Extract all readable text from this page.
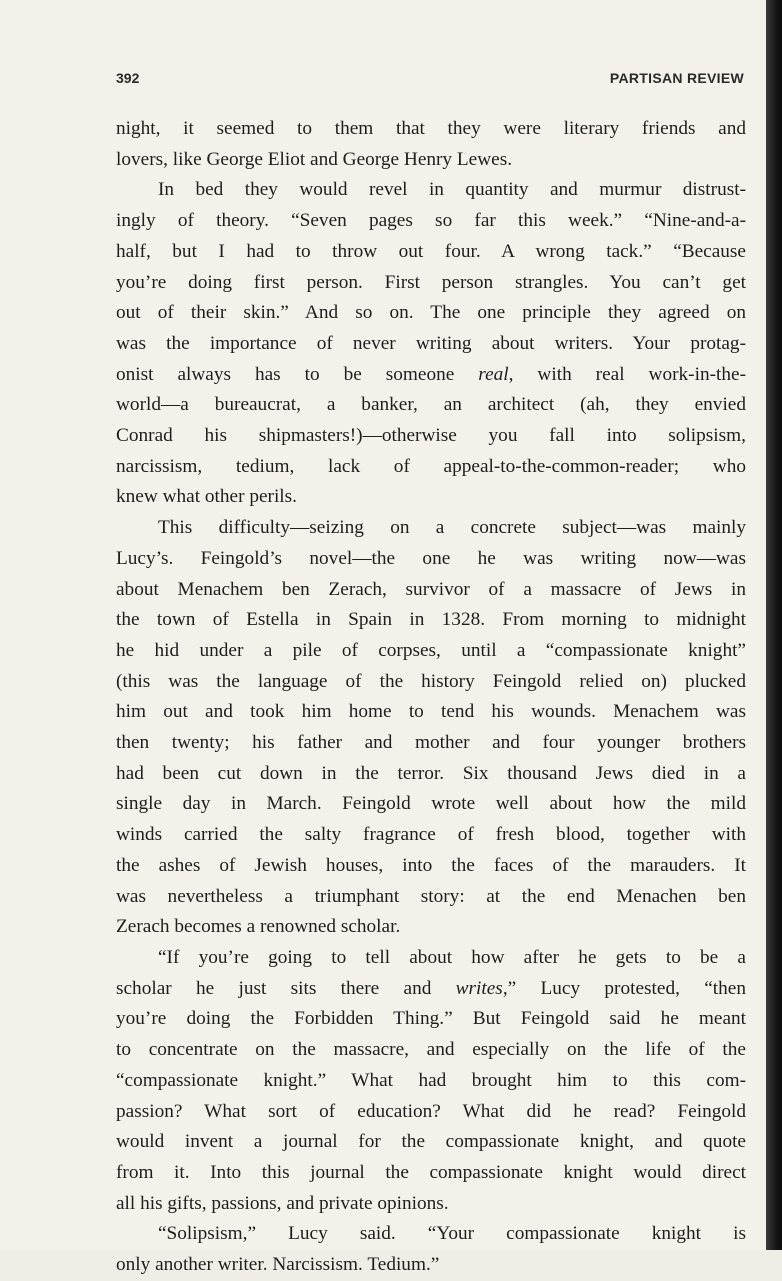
392	PARTISAN REVIEW
night, it seemed to them that they were literary friends and
lovers, like George Eliot and George Henry Lewes.
In bed they would revel in quantity and murmur distrust-
ingly of theory. “Seven pages so far this week.” “Nine-and-a-
half, but I had to throw out four. A wrong tack.” “Because
you’re doing first person. First person strangles. You can’t get
out of their skin.” And so on. The one principle they agreed on
was the importance of never writing about writers. Your protag-
onist always has to be someone real, with real work-in-the-
world—a bureaucrat, a banker, an architect (ah, they envied
Conrad his shipmasters!)—otherwise you fall into solipsism,
narcissism, tedium, lack of appeal-to-the-common-reader; who
knew what other perils.
This difficulty—seizing on a concrete subject—was mainly
Lucy’s. Feingold’s novel—the one he was writing now—was
about Menachem ben Zerach, survivor of a massacre of Jews in
the town of Estella in Spain in 1328. From morning to midnight
he hid under a pile of corpses, until a “compassionate knight”
(this was the language of the history Feingold relied on) plucked
him out and took him home to tend his wounds. Menachem was
then twenty; his father and mother and four younger brothers
had been cut down in the terror. Six thousand Jews died in a
single day in March. Feingold wrote well about how the mild
winds carried the salty fragrance of fresh blood, together with
the ashes of Jewish houses, into the faces of the marauders. It
was nevertheless a triumphant story: at the end Menachen ben
Zerach becomes a renowned scholar.
“If you’re going to tell about how after he gets to be a
scholar he just sits there and writes,” Lucy protested, “then
you’re doing the Forbidden Thing.” But Feingold said he meant
to concentrate on the massacre, and especially on the life of the
“compassionate knight.” What had brought him to this com-
passion? What sort of education? What did he read? Feingold
would invent a journal for the compassionate knight, and quote
from it. Into this journal the compassionate knight would direct
all his gifts, passions, and private opinions.
“Solipsism,” Lucy said. “Your compassionate knight is
only another writer. Narcissism. Tedium.”
